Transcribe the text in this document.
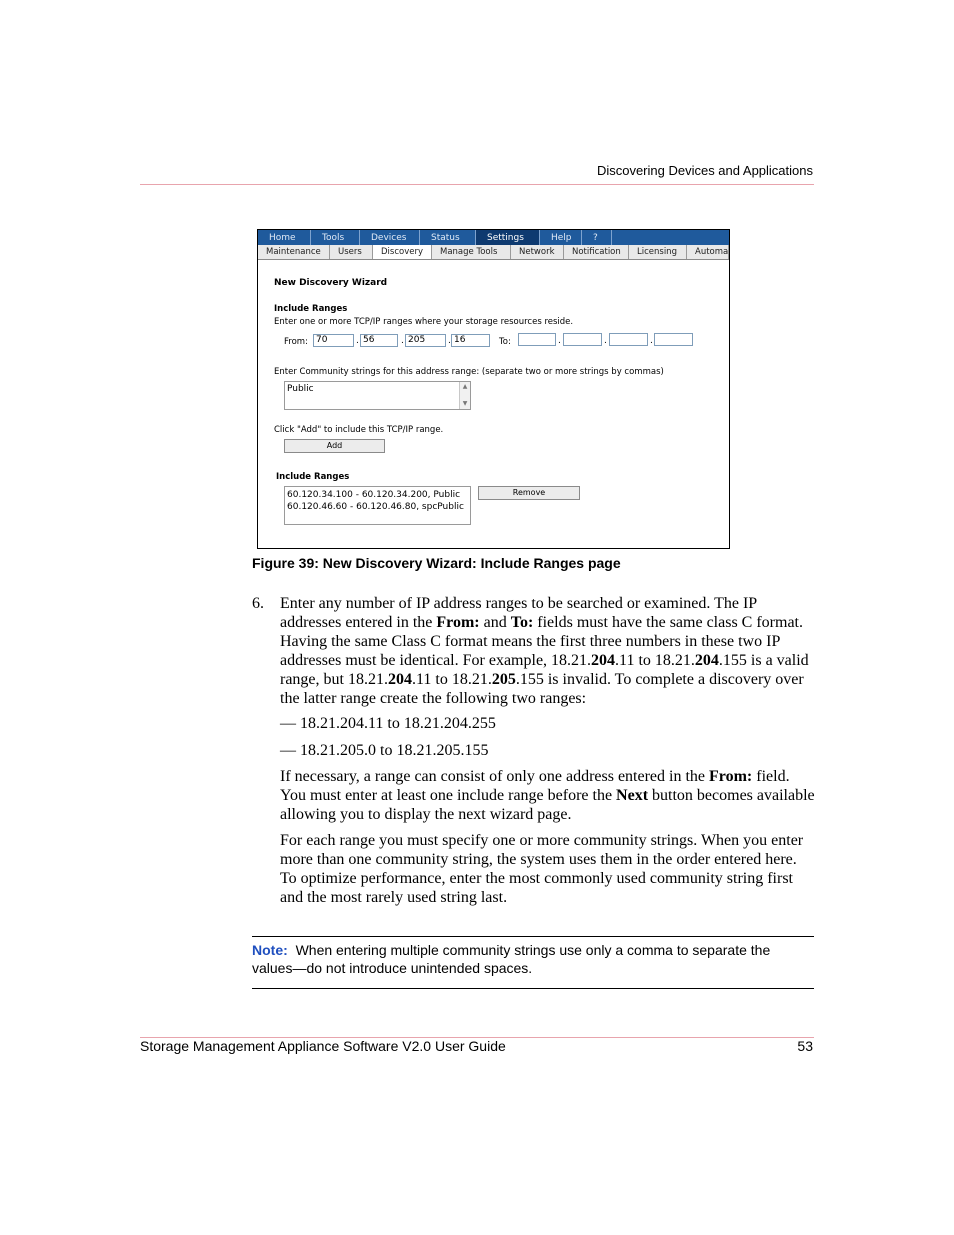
Discovering Devices and Applications
Home	Tools	Devices	Status	Settings	Help	?
Maintenance	Users	Discovery	Manage Tools	Network	Notification	Licensing	Automa
New Discovery Wizard
Include Ranges
Enter one or more TCP/IP ranges where your storage resources reside.
From: 70	. 56	. 205	. 16	To:	.	.	.
Enter Community strings for this address range: (separate two or more strings by commas)
Public	▲
▼
Click "Add" to include this TCP/IP range.
Add
Include Ranges
60.120.34.100 - 60.120.34.200, Public
60.120.46.60 - 60.120.46.80, spcPublic
Remove
Figure 39: New Discovery Wizard: Include Ranges page
6. Enter any number of IP address ranges to be searched or examined. The IP addresses entered in the From: and To: fields must have the same class C format. Having the same Class C format means the first three numbers in these two IP addresses must be identical. For example, 18.21.204.11 to 18.21.204.155 is a valid range, but 18.21.204.11 to 18.21.205.155 is invalid. To complete a discovery over the latter range create the following two ranges:
— 18.21.204.11 to 18.21.204.255
— 18.21.205.0 to 18.21.205.155
If necessary, a range can consist of only one address entered in the From: field. You must enter at least one include range before the Next button becomes available allowing you to display the next wizard page.
For each range you must specify one or more community strings. When you enter more than one community string, the system uses them in the order entered here. To optimize performance, enter the most commonly used community string first and the most rarely used string last.
Note: When entering multiple community strings use only a comma to separate the values—do not introduce unintended spaces.
Storage Management Appliance Software V2.0 User Guide	53
